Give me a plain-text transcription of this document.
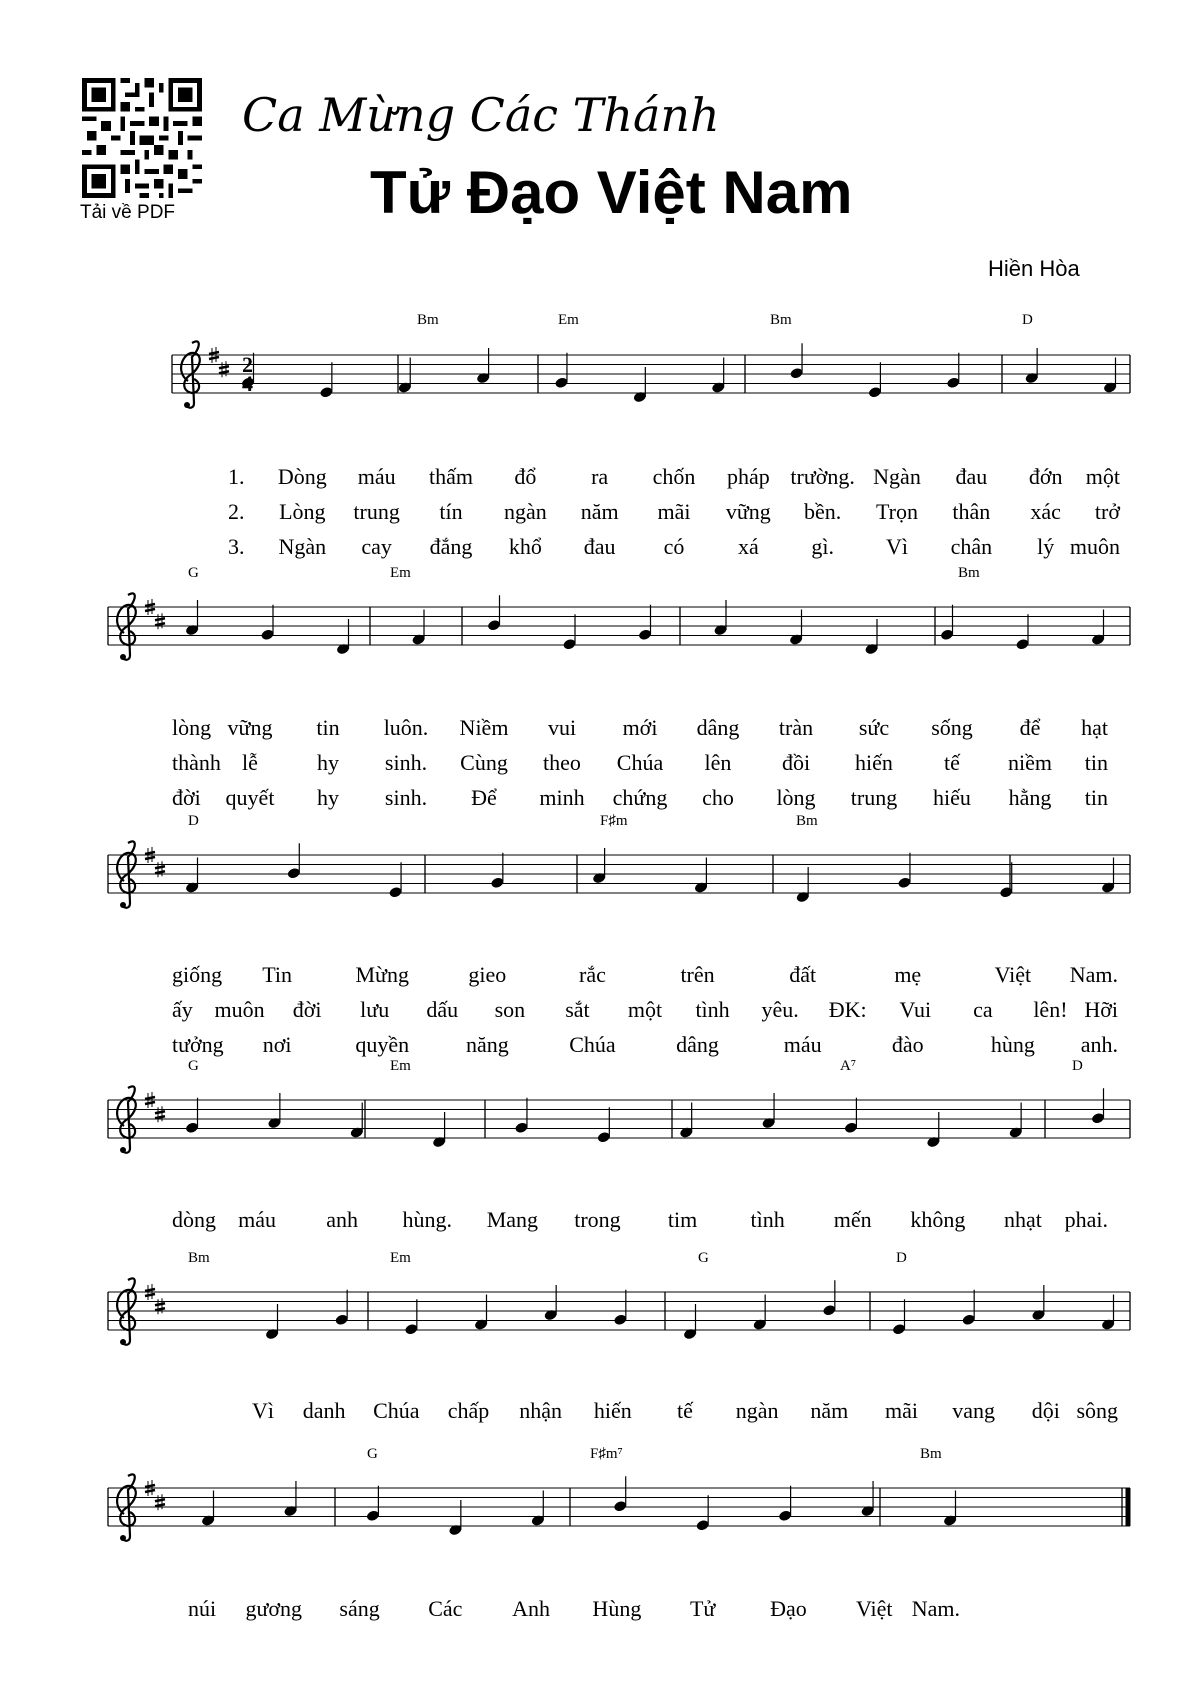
Tải về PDF
Ca Mừng Các Thánh
Tử Đạo Việt Nam
Hiền Hòa
2
Bm	Em	Bm	D
G	Em	Bm
D	F♯m	Bm
G	Em	A⁷	D
Bm	Em	G	D
G	F♯m⁷	Bm
1. Dòng máu thấm đổ ra chốn pháp trường. Ngàn đau đớn một
2. Lòng trung tín ngàn năm mãi vững bền. Trọn thân xác trở
3. Ngàn cay đắng khổ đau có xá gì. Vì chân lý muôn
lòng vững tin luôn. Niềm vui mới dâng tràn sức sống để hạt
thành lễ	hy sinh. Cùng theo Chúa lên đồi hiến tế niềm tin
đời quyết hy sinh. Để minh chứng cho lòng trung hiếu hằng tin
giống Tin	Mừng	gieo	rắc	trên	đất	mẹ	Việt Nam.
ấy muôn đời lưu dấu son sắt một tình yêu. ĐK: Vui ca lên! Hỡi
tưởng nơi	quyền	năng	Chúa	dâng	máu	đào	hùng anh.
dòng máu anh hùng. Mang trong tim tình mến không nhạt phai.
Vì danh Chúa chấp nhận hiến tế ngàn năm mãi vang dội sông
núi gương sáng Các Anh Hùng Tử Đạo Việt Nam.
